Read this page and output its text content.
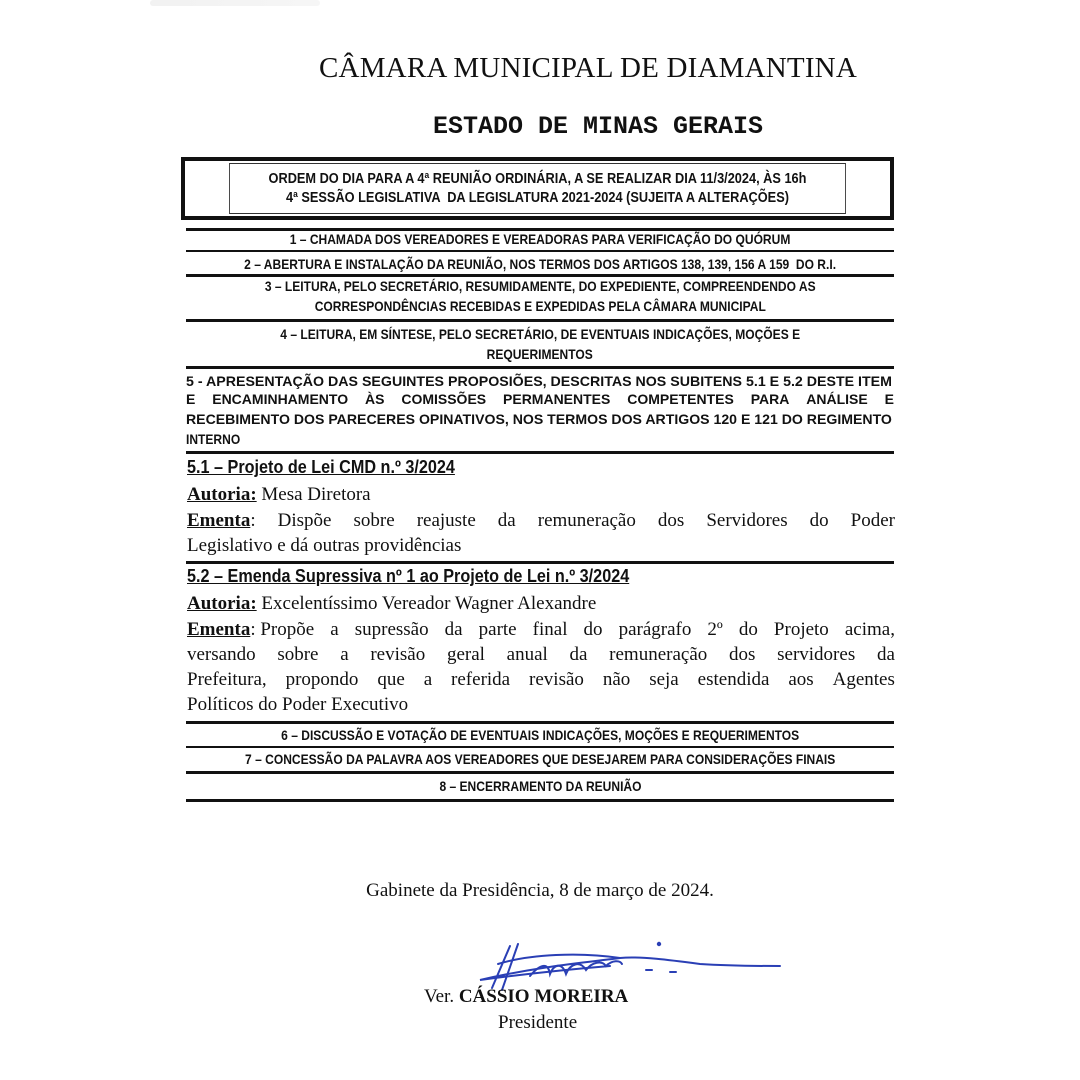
CÂMARA MUNICIPAL DE DIAMANTINA
ESTADO DE MINAS GERAIS
ORDEM DO DIA PARA A 4ª REUNIÃO ORDINÁRIA, A SE REALIZAR DIA 11/3/2024, ÀS 16h
4ª SESSÃO LEGISLATIVA  DA LEGISLATURA 2021-2024 (SUJEITA A ALTERAÇÕES)
1 – CHAMADA DOS VEREADORES E VEREADORAS PARA VERIFICAÇÃO DO QUÓRUM
2 – ABERTURA E INSTALAÇÃO DA REUNIÃO, NOS TERMOS DOS ARTIGOS 138, 139, 156 A 159  DO R.I.
3 – LEITURA, PELO SECRETÁRIO, RESUMIDAMENTE, DO EXPEDIENTE, COMPREENDENDO AS
CORRESPONDÊNCIAS RECEBIDAS E EXPEDIDAS PELA CÂMARA MUNICIPAL
4 – LEITURA, EM SÍNTESE, PELO SECRETÁRIO, DE EVENTUAIS INDICAÇÕES, MOÇÕES E
REQUERIMENTOS
5 - APRESENTAÇÃO DAS SEGUINTES PROPOSIÕES, DESCRITAS NOS SUBITENS 5.1 E 5.2 DESTE ITEM
E ENCAMINHAMENTO ÀS COMISSÕES PERMANENTES COMPETENTES PARA ANÁLISE E
RECEBIMENTO DOS PARECERES OPINATIVOS, NOS TERMOS DOS ARTIGOS 120 E 121 DO REGIMENTO
INTERNO
5.1 – Projeto de Lei CMD n.º 3/2024
Autoria: Mesa Diretora
Ementa: Dispõe sobre reajuste da remuneração dos Servidores do Poder
Legislativo e dá outras providências
5.2 – Emenda Supressiva nº 1 ao Projeto de Lei n.º 3/2024
Autoria: Excelentíssimo Vereador Wagner Alexandre
Ementa: Propõe a supressão da parte final do parágrafo 2º do Projeto acima,
versando sobre a revisão geral anual da remuneração dos servidores da
Prefeitura, propondo que a referida revisão não seja estendida aos Agentes
Políticos do Poder Executivo
6 – DISCUSSÃO E VOTAÇÃO DE EVENTUAIS INDICAÇÕES, MOÇÕES E REQUERIMENTOS
7 – CONCESSÃO DA PALAVRA AOS VEREADORES QUE DESEJAREM PARA CONSIDERAÇÕES FINAIS
8 – ENCERRAMENTO DA REUNIÃO
Gabinete da Presidência, 8 de março de 2024.
Ver. CÁSSIO MOREIRA
Presidente
